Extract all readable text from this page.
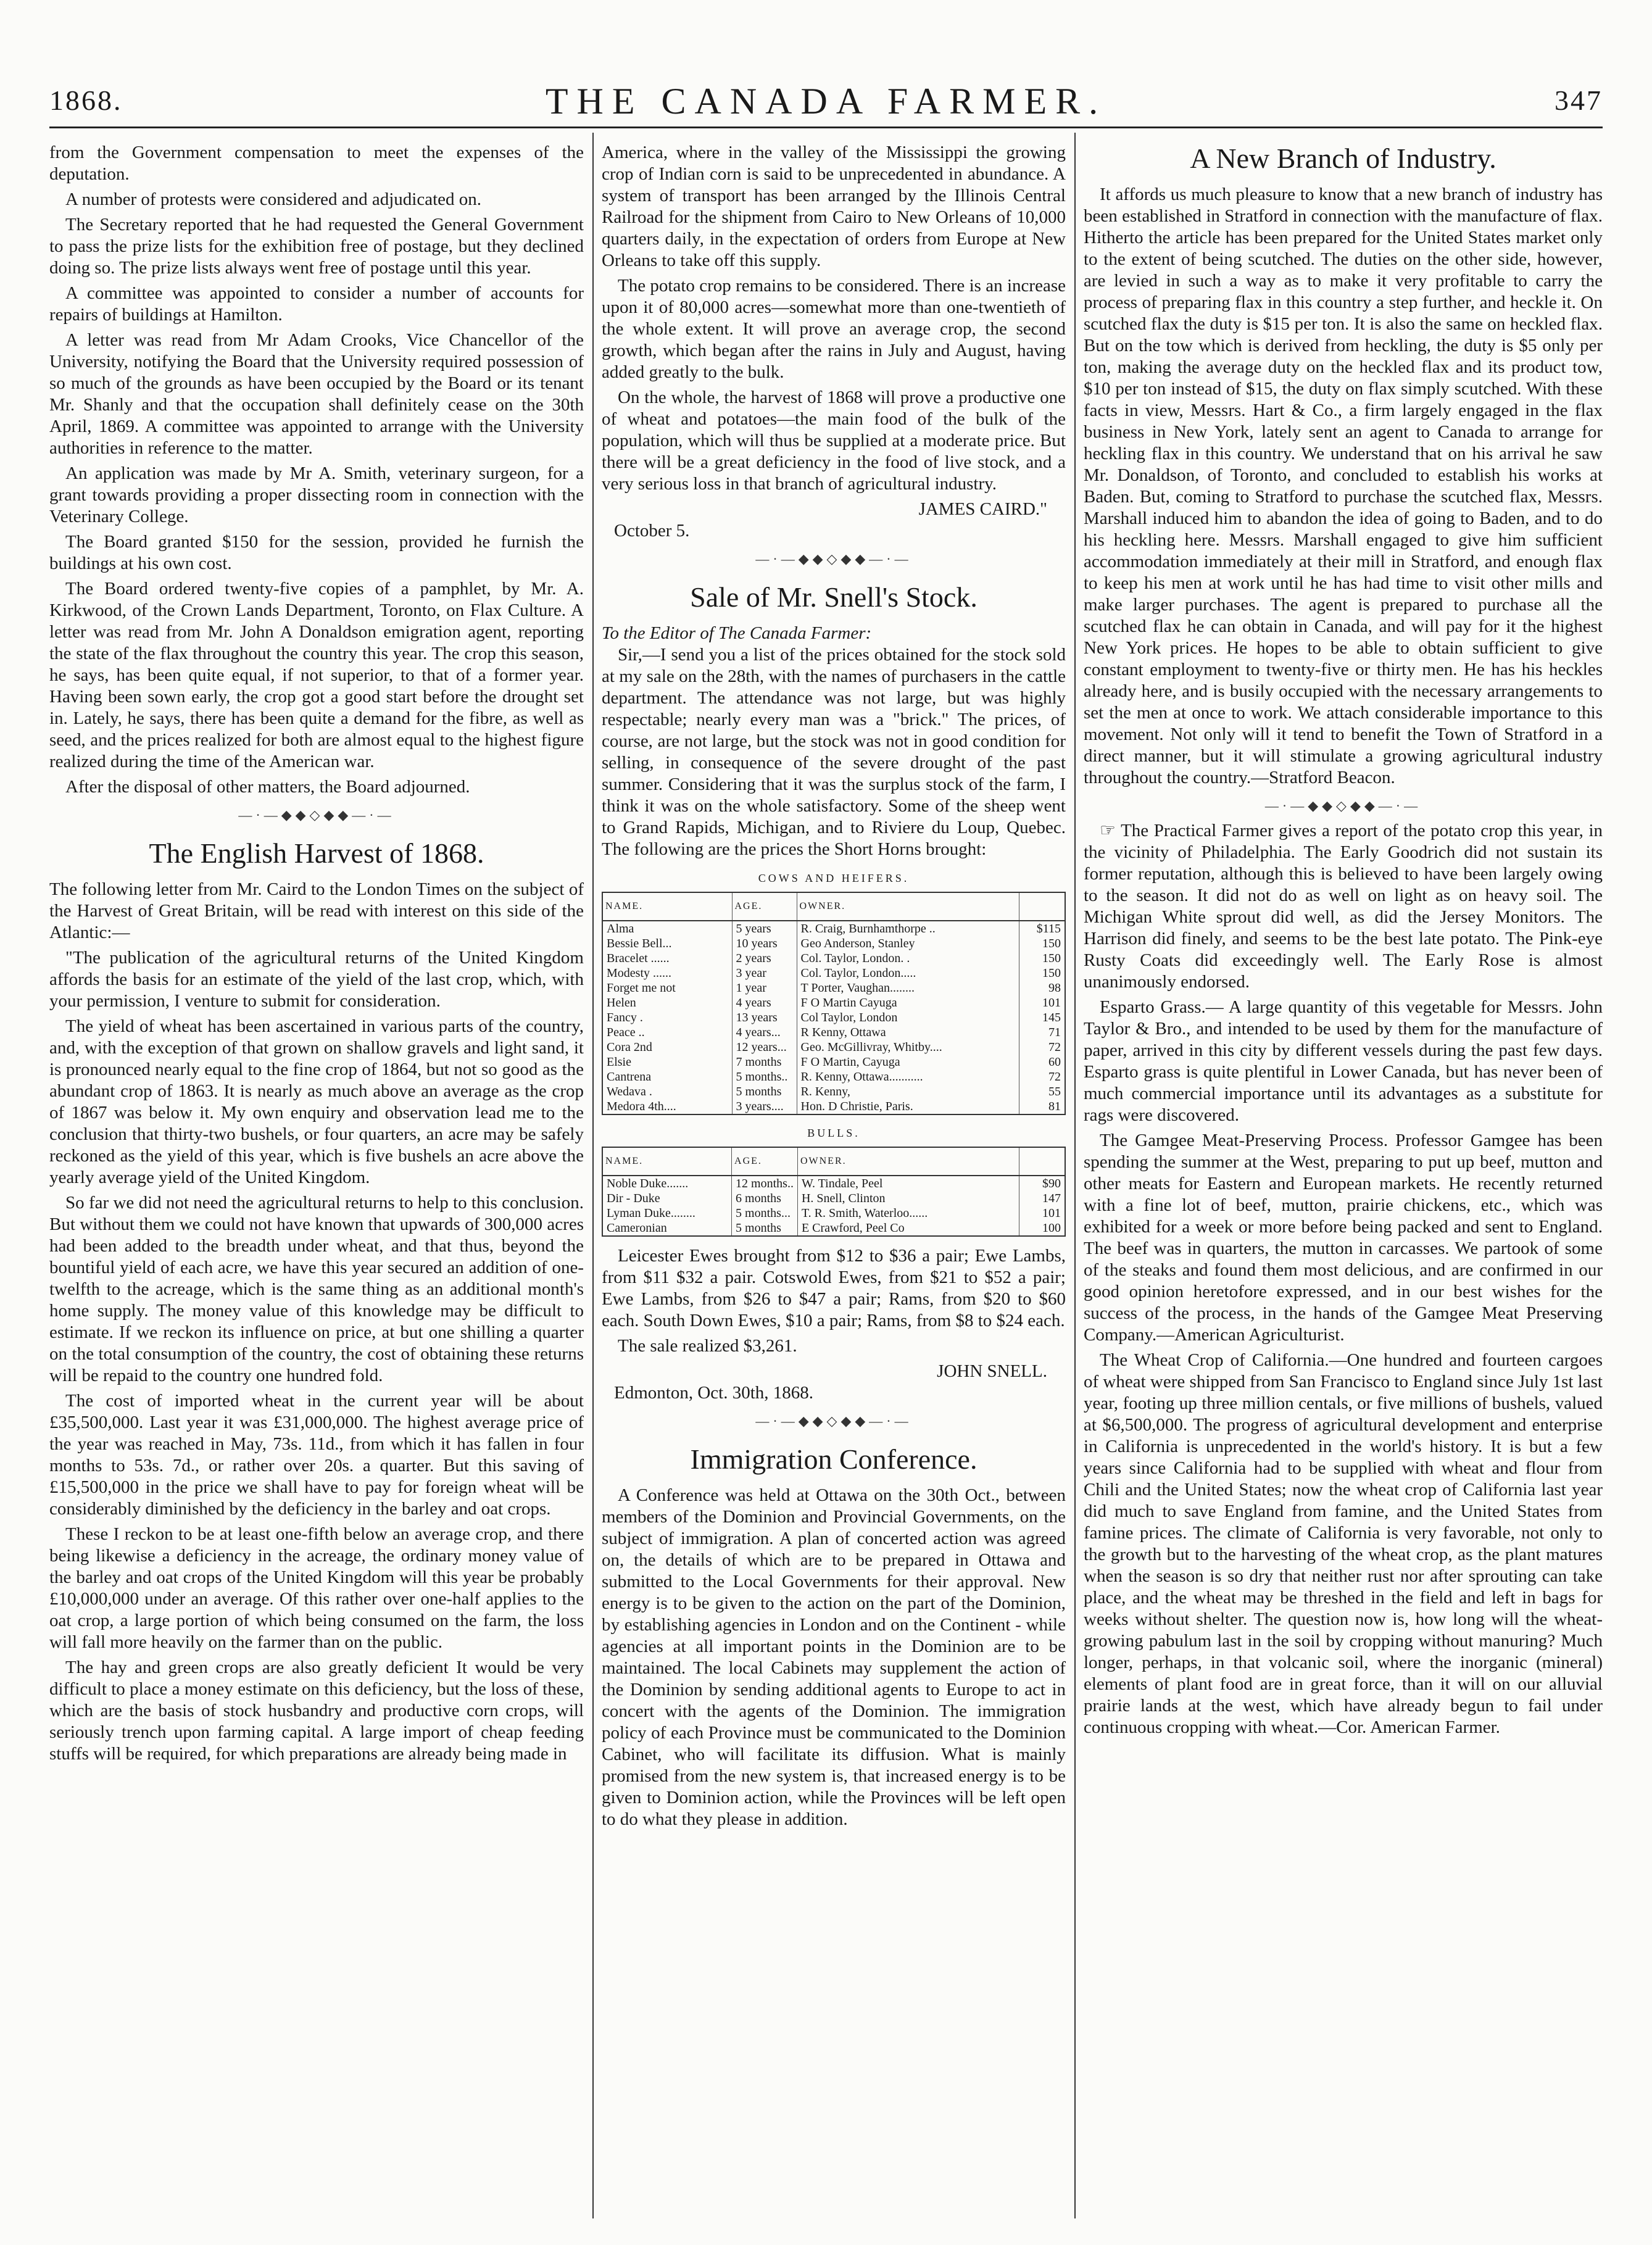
1868.	THE CANADA FARMER.	347

from the Government compensation to meet the expenses of the deputation.

A number of protests were considered and adjudicated on.

The Secretary reported that he had requested the General Government to pass the prize lists for the exhibition free of postage, but they declined doing so. The prize lists always went free of postage until this year.

A committee was appointed to consider a number of accounts for repairs of buildings at Hamilton.

A letter was read from Mr Adam Crooks, Vice Chancellor of the University, notifying the Board that the University required possession of so much of the grounds as have been occupied by the Board or its tenant Mr. Shanly and that the occupation shall definitely cease on the 30th April, 1869. A committee was appointed to arrange with the University authorities in reference to the matter.

An application was made by Mr A. Smith, veterinary surgeon, for a grant towards providing a proper dissecting room in connection with the Veterinary College.

The Board granted $150 for the session, provided he furnish the buildings at his own cost.

The Board ordered twenty-five copies of a pamphlet, by Mr. A. Kirkwood, of the Crown Lands Department, Toronto, on Flax Culture. A letter was read from Mr. John A Donaldson emigration agent, reporting the state of the flax throughout the country this year. The crop this season, he says, has been quite equal, if not superior, to that of a former year. Having been sown early, the crop got a good start before the drought set in. Lately, he says, there has been quite a demand for the fibre, as well as seed, and the prices realized for both are almost equal to the highest figure realized during the time of the American war.

After the disposal of other matters, the Board adjourned.

—·—◆◆◇◆◆—·—
The English Harvest of 1868.

The following letter from Mr. Caird to the London Times on the subject of the Harvest of Great Britain, will be read with interest on this side of the Atlantic:—

"The publication of the agricultural returns of the United Kingdom affords the basis for an estimate of the yield of the last crop, which, with your permission, I venture to submit for consideration.

The yield of wheat has been ascertained in various parts of the country, and, with the exception of that grown on shallow gravels and light sand, it is pronounced nearly equal to the fine crop of 1864, but not so good as the abundant crop of 1863. It is nearly as much above an average as the crop of 1867 was below it. My own enquiry and observation lead me to the conclusion that thirty-two bushels, or four quarters, an acre may be safely reckoned as the yield of this year, which is five bushels an acre above the yearly average yield of the United Kingdom.

So far we did not need the agricultural returns to help to this conclusion. But without them we could not have known that upwards of 300,000 acres had been added to the breadth under wheat, and that thus, beyond the bountiful yield of each acre, we have this year secured an addition of one-twelfth to the acreage, which is the same thing as an additional month's home supply. The money value of this knowledge may be difficult to estimate. If we reckon its influence on price, at but one shilling a quarter on the total consumption of the country, the cost of obtaining these returns will be repaid to the country one hundred fold.

The cost of imported wheat in the current year will be about £35,500,000. Last year it was £31,000,000. The highest average price of the year was reached in May, 73s. 11d., from which it has fallen in four months to 53s. 7d., or rather over 20s. a quarter. But this saving of £15,500,000 in the price we shall have to pay for foreign wheat will be considerably diminished by the deficiency in the barley and oat crops.

These I reckon to be at least one-fifth below an average crop, and there being likewise a deficiency in the acreage, the ordinary money value of the barley and oat crops of the United Kingdom will this year be probably £10,000,000 under an average. Of this rather over one-half applies to the oat crop, a large portion of which being consumed on the farm, the loss will fall more heavily on the farmer than on the public.

The hay and green crops are also greatly deficient It would be very difficult to place a money estimate on this deficiency, but the loss of these, which are the basis of stock husbandry and productive corn crops, will seriously trench upon farming capital. A large import of cheap feeding stuffs will be required, for which preparations are already being made in

America, where in the valley of the Mississippi the growing crop of Indian corn is said to be unprecedented in abundance. A system of transport has been arranged by the Illinois Central Railroad for the shipment from Cairo to New Orleans of 10,000 quarters daily, in the expectation of orders from Europe at New Orleans to take off this supply.

The potato crop remains to be considered. There is an increase upon it of 80,000 acres—somewhat more than one-twentieth of the whole extent. It will prove an average crop, the second growth, which began after the rains in July and August, having added greatly to the bulk.

On the whole, the harvest of 1868 will prove a productive one of wheat and potatoes—the main food of the bulk of the population, which will thus be supplied at a moderate price. But there will be a great deficiency in the food of live stock, and a very serious loss in that branch of agricultural industry.

JAMES CAIRD."
October 5.
—·—◆◆◇◆◆—·—
Sale of Mr. Snell's Stock.
To the Editor of The Canada Farmer:

Sir,—I send you a list of the prices obtained for the stock sold at my sale on the 28th, with the names of purchasers in the cattle department. The attendance was not large, but was highly respectable; nearly every man was a "brick." The prices, of course, are not large, but the stock was not in good condition for selling, in consequence of the severe drought of the past summer. Considering that it was the surplus stock of the farm, I think it was on the whole satisfactory. Some of the sheep went to Grand Rapids, Michigan, and to Riviere du Loup, Quebec. The following are the prices the Short Horns brought:

COWS AND HEIFERS.
NAME.	AGE.	OWNER.	
Alma	5 years	R. Craig, Burnhamthorpe ..	$115
Bessie Bell...	10 years	Geo Anderson, Stanley	150
Bracelet ......	2 years	Col. Taylor, London. .	150
Modesty ......	3 year	Col. Taylor, London.....	150
Forget me not	1 year	T Porter, Vaughan........	98
Helen	4 years	F O Martin Cayuga	101
Fancy .	13 years	Col Taylor, London	145
Peace ..	4 years...	R Kenny, Ottawa	71
Cora 2nd	12 years...	Geo. McGillivray, Whitby....	72
Elsie	7 months	F O Martin, Cayuga	60
Cantrena	5 months..	R. Kenny, Ottawa...........	72
Wedava .	5 months	R. Kenny,	55
Medora 4th....	3 years....	Hon. D Christie, Paris.	81
BULLS.
NAME.	AGE.	OWNER.	
Noble Duke.......	12 months..	W. Tindale, Peel	$90
Dir - Duke	6 months	H. Snell, Clinton	147
Lyman Duke........	5 months...	T. R. Smith, Waterloo......	101
Cameronian	5 months	E Crawford, Peel Co	100

Leicester Ewes brought from $12 to $36 a pair; Ewe Lambs, from $11 $32 a pair. Cotswold Ewes, from $21 to $52 a pair; Ewe Lambs, from $26 to $47 a pair; Rams, from $20 to $60 each. South Down Ewes, $10 a pair; Rams, from $8 to $24 each.

The sale realized $3,261.

JOHN SNELL.
Edmonton, Oct. 30th, 1868.
—·—◆◆◇◆◆—·—
Immigration Conference.

A Conference was held at Ottawa on the 30th Oct., between members of the Dominion and Provincial Governments, on the subject of immigration. A plan of concerted action was agreed on, the details of which are to be prepared in Ottawa and submitted to the Local Governments for their approval. New energy is to be given to the action on the part of the Dominion, by establishing agencies in London and on the Continent - while agencies at all important points in the Dominion are to be maintained. The local Cabinets may supplement the action of the Dominion by sending additional agents to Europe to act in concert with the agents of the Dominion. The immigration policy of each Province must be communicated to the Dominion Cabinet, who will facilitate its diffusion. What is mainly promised from the new system is, that increased energy is to be given to Dominion action, while the Provinces will be left open to do what they please in addition.

A New Branch of Industry.

It affords us much pleasure to know that a new branch of industry has been established in Stratford in connection with the manufacture of flax. Hitherto the article has been prepared for the United States market only to the extent of being scutched. The duties on the other side, however, are levied in such a way as to make it very profitable to carry the process of preparing flax in this country a step further, and heckle it. On scutched flax the duty is $15 per ton. It is also the same on heckled flax. But on the tow which is derived from heckling, the duty is $5 only per ton, making the average duty on the heckled flax and its product tow, $10 per ton instead of $15, the duty on flax simply scutched. With these facts in view, Messrs. Hart & Co., a firm largely engaged in the flax business in New York, lately sent an agent to Canada to arrange for heckling flax in this country. We understand that on his arrival he saw Mr. Donaldson, of Toronto, and concluded to establish his works at Baden. But, coming to Stratford to purchase the scutched flax, Messrs. Marshall induced him to abandon the idea of going to Baden, and to do his heckling here. Messrs. Marshall engaged to give him sufficient accommodation immediately at their mill in Stratford, and enough flax to keep his men at work until he has had time to visit other mills and make larger purchases. The agent is prepared to purchase all the scutched flax he can obtain in Canada, and will pay for it the highest New York prices. He hopes to be able to obtain sufficient to give constant employment to twenty-five or thirty men. He has his heckles already here, and is busily occupied with the necessary arrangements to set the men at once to work. We attach considerable importance to this movement. Not only will it tend to benefit the Town of Stratford in a direct manner, but it will stimulate a growing agricultural industry throughout the country.—Stratford Beacon.

—·—◆◆◇◆◆—·—

☞ The Practical Farmer gives a report of the potato crop this year, in the vicinity of Philadelphia. The Early Goodrich did not sustain its former reputation, although this is believed to have been largely owing to the season. It did not do as well on light as on heavy soil. The Michigan White sprout did well, as did the Jersey Monitors. The Harrison did finely, and seems to be the best late potato. The Pink-eye Rusty Coats did exceedingly well. The Early Rose is almost unanimously endorsed.

Esparto Grass.— A large quantity of this vegetable for Messrs. John Taylor & Bro., and intended to be used by them for the manufacture of paper, arrived in this city by different vessels during the past few days. Esparto grass is quite plentiful in Lower Canada, but has never been of much commercial importance until its advantages as a substitute for rags were discovered.

The Gamgee Meat-Preserving Process. Professor Gamgee has been spending the summer at the West, preparing to put up beef, mutton and other meats for Eastern and European markets. He recently returned with a fine lot of beef, mutton, prairie chickens, etc., which was exhibited for a week or more before being packed and sent to England. The beef was in quarters, the mutton in carcasses. We partook of some of the steaks and found them most delicious, and are confirmed in our good opinion heretofore expressed, and in our best wishes for the success of the process, in the hands of the Gamgee Meat Preserving Company.—American Agriculturist.

The Wheat Crop of California.—One hundred and fourteen cargoes of wheat were shipped from San Francisco to England since July 1st last year, footing up three million centals, or five millions of bushels, valued at $6,500,000. The progress of agricultural development and enterprise in California is unprecedented in the world's history. It is but a few years since California had to be supplied with wheat and flour from Chili and the United States; now the wheat crop of California last year did much to save England from famine, and the United States from famine prices. The climate of California is very favorable, not only to the growth but to the harvesting of the wheat crop, as the plant matures when the season is so dry that neither rust nor after sprouting can take place, and the wheat may be threshed in the field and left in bags for weeks without shelter. The question now is, how long will the wheat-growing pabulum last in the soil by cropping without manuring? Much longer, perhaps, in that volcanic soil, where the inorganic (mineral) elements of plant food are in great force, than it will on our alluvial prairie lands at the west, which have already begun to fail under continuous cropping with wheat.—Cor. American Farmer.
